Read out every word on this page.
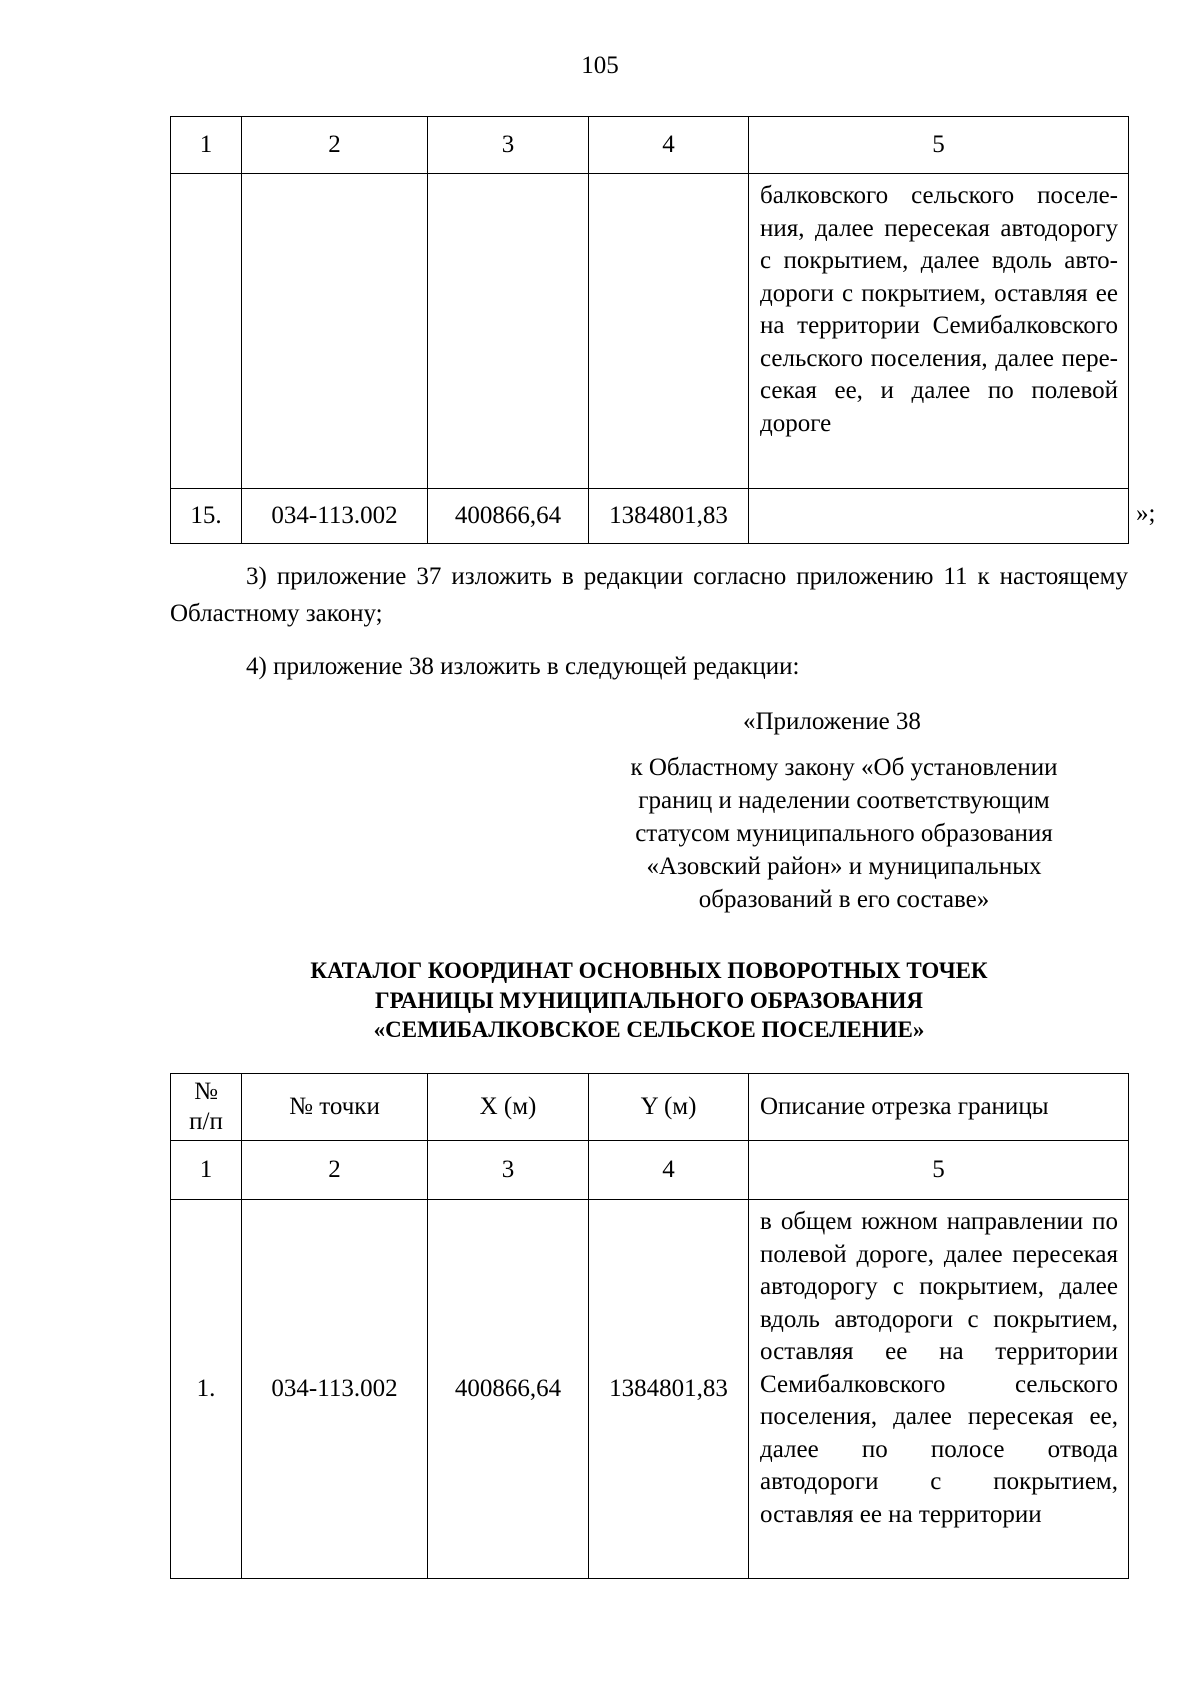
105
1	2	3	4	5
				балковского сельского поселения, далее пересекая автодорогу с покрытием, далее вдоль автодороги с покрытием, оставляя ее на территории Семибалковского сельского поселения, далее пересекая ее, и далее по полевой дороге
15.	034-113.002	400866,64	1384801,83		»;
3) приложение 37 изложить в редакции согласно приложению 11 к настоящему Областному закону;
4) приложение 38 изложить в следующей редакции:
«Приложение 38
к Областному закону «Об установлении
границ и наделении соответствующим
статусом муниципального образования
«Азовский район» и муниципальных
образований в его составе»
КАТАЛОГ КООРДИНАТ ОСНОВНЫХ ПОВОРОТНЫХ ТОЧЕК
ГРАНИЦЫ МУНИЦИПАЛЬНОГО ОБРАЗОВАНИЯ
«СЕМИБАЛКОВСКОЕ СЕЛЬСКОЕ ПОСЕЛЕНИЕ»
№
п/п	№ точки	X (м)	Y (м)	Описание отрезка границы
1	2	3	4	5
1.	034-113.002	400866,64	1384801,83	в общем южном направлении по полевой дороге, далее пересекая автодорогу с покрытием, далее вдоль автодороги с покрытием, оставляя ее на территории Семибалковского сельского поселения, далее пересекая ее, далее по полосе отвода автодороги с покрытием, оставляя ее на территории
